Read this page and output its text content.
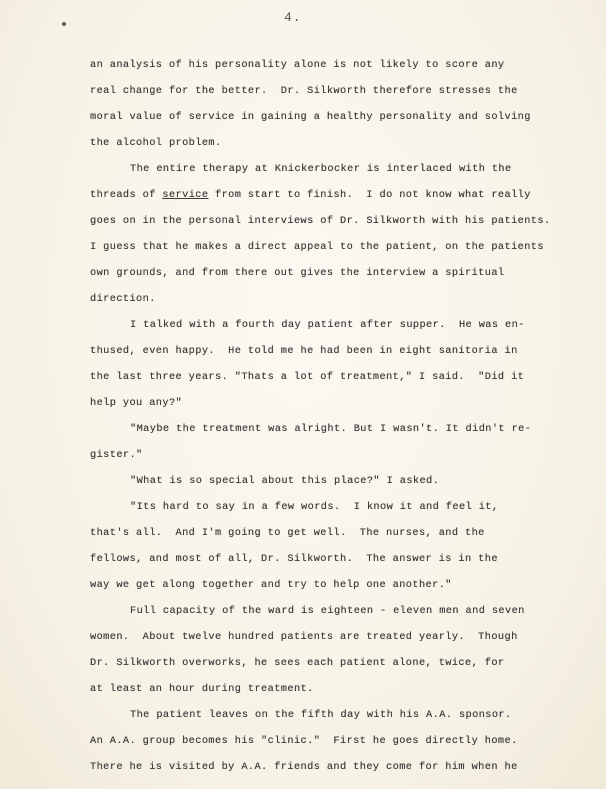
4.
an analysis of his personality alone is not likely to score any
real change for the better.  Dr. Silkworth therefore stresses the
moral value of service in gaining a healthy personality and solving
the alcohol problem.
The entire therapy at Knickerbocker is interlaced with the
threads of service from start to finish.  I do not know what really
goes on in the personal interviews of Dr. Silkworth with his patients.
I guess that he makes a direct appeal to the patient, on the patients
own grounds, and from there out gives the interview a spiritual
direction.
I talked with a fourth day patient after supper.  He was en-
thused, even happy.  He told me he had been in eight sanitoria in
the last three years. "Thats a lot of treatment," I said.  "Did it
help you any?"
"Maybe the treatment was alright. But I wasn't. It didn't re-
gister."
"What is so special about this place?" I asked.
"Its hard to say in a few words.  I know it and feel it,
that's all.  And I'm going to get well.  The nurses, and the
fellows, and most of all, Dr. Silkworth.  The answer is in the
way we get along together and try to help one another."
Full capacity of the ward is eighteen - eleven men and seven
women.  About twelve hundred patients are treated yearly.  Though
Dr. Silkworth overworks, he sees each patient alone, twice, for
at least an hour during treatment.
The patient leaves on the fifth day with his A.A. sponsor.
An A.A. group becomes his "clinic."  First he goes directly home.
There he is visited by A.A. friends and they come for him when he
